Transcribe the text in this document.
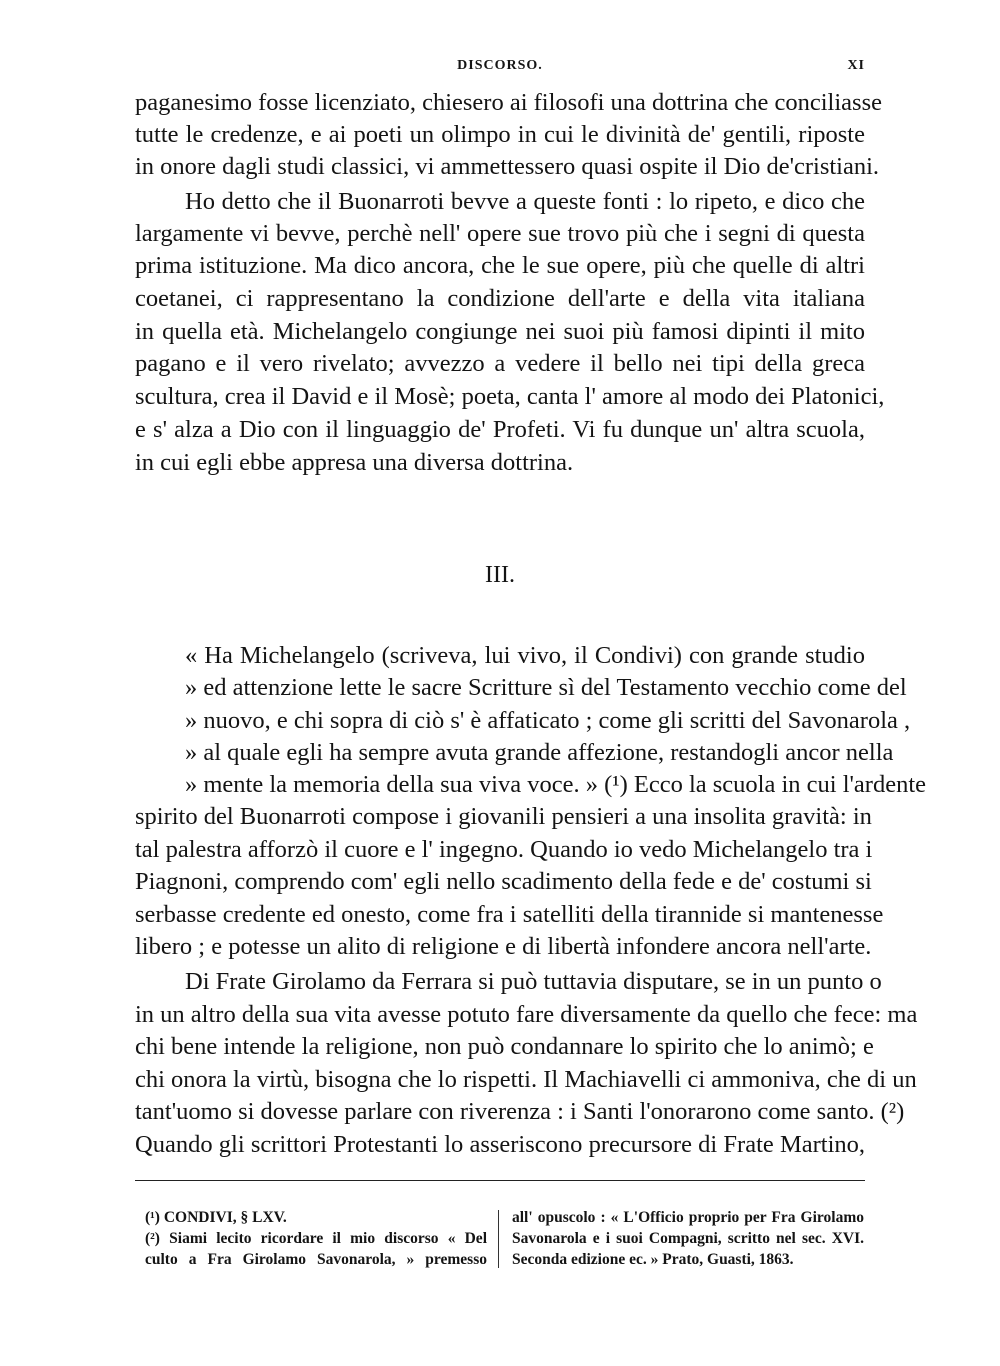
DISCORSO.	XI
paganesimo fosse licenziato, chiesero ai filosofi una dottrina che conciliasse
tutte le credenze, e ai poeti un olimpo in cui le divinità de' gentili, riposte
in onore dagli studi classici, vi ammettessero quasi ospite il Dio de'cristiani.
Ho detto che il Buonarroti bevve a queste fonti : lo ripeto, e dico che
largamente vi bevve, perchè nell' opere sue trovo più che i segni di questa
prima istituzione. Ma dico ancora, che le sue opere, più che quelle di altri
coetanei, ci rappresentano la condizione dell'arte e della vita italiana
in quella età. Michelangelo congiunge nei suoi più famosi dipinti il mito
pagano e il vero rivelato; avvezzo a vedere il bello nei tipi della greca
scultura, crea il David e il Mosè; poeta, canta l' amore al modo dei Platonici,
e s' alza a Dio con il linguaggio de' Profeti. Vi fu dunque un' altra scuola,
in cui egli ebbe appresa una diversa dottrina.
III.
« Ha Michelangelo (scriveva, lui vivo, il Condivi) con grande studio
» ed attenzione lette le sacre Scritture sì del Testamento vecchio come del
» nuovo, e chi sopra di ciò s' è affaticato ; come gli scritti del Savonarola ,
» al quale egli ha sempre avuta grande affezione, restandogli ancor nella
» mente la memoria della sua viva voce. » (¹) Ecco la scuola in cui l'ardente
spirito del Buonarroti compose i giovanili pensieri a una insolita gravità: in
tal palestra afforzò il cuore e l' ingegno. Quando io vedo Michelangelo tra i
Piagnoni, comprendo com' egli nello scadimento della fede e de' costumi si
serbasse credente ed onesto, come fra i satelliti della tirannide si mantenesse
libero ; e potesse un alito di religione e di libertà infondere ancora nell'arte.
Di Frate Girolamo da Ferrara si può tuttavia disputare, se in un punto o
in un altro della sua vita avesse potuto fare diversamente da quello che fece: ma
chi bene intende la religione, non può condannare lo spirito che lo animò; e
chi onora la virtù, bisogna che lo rispetti. Il Machiavelli ci ammoniva, che di un
tant'uomo si dovesse parlare con riverenza : i Santi l'onorarono come santo. (²)
Quando gli scrittori Protestanti lo asseriscono precursore di Frate Martino,
(¹) CONDIVI, § LXV.
(²) Siami lecito ricordare il mio discorso « Del
culto a Fra Girolamo Savonarola, » premesso
all' opuscolo : « L'Officio proprio per Fra Girolamo
Savonarola e i suoi Compagni, scritto nel sec. XVI.
Seconda edizione ec. » Prato, Guasti, 1863.
